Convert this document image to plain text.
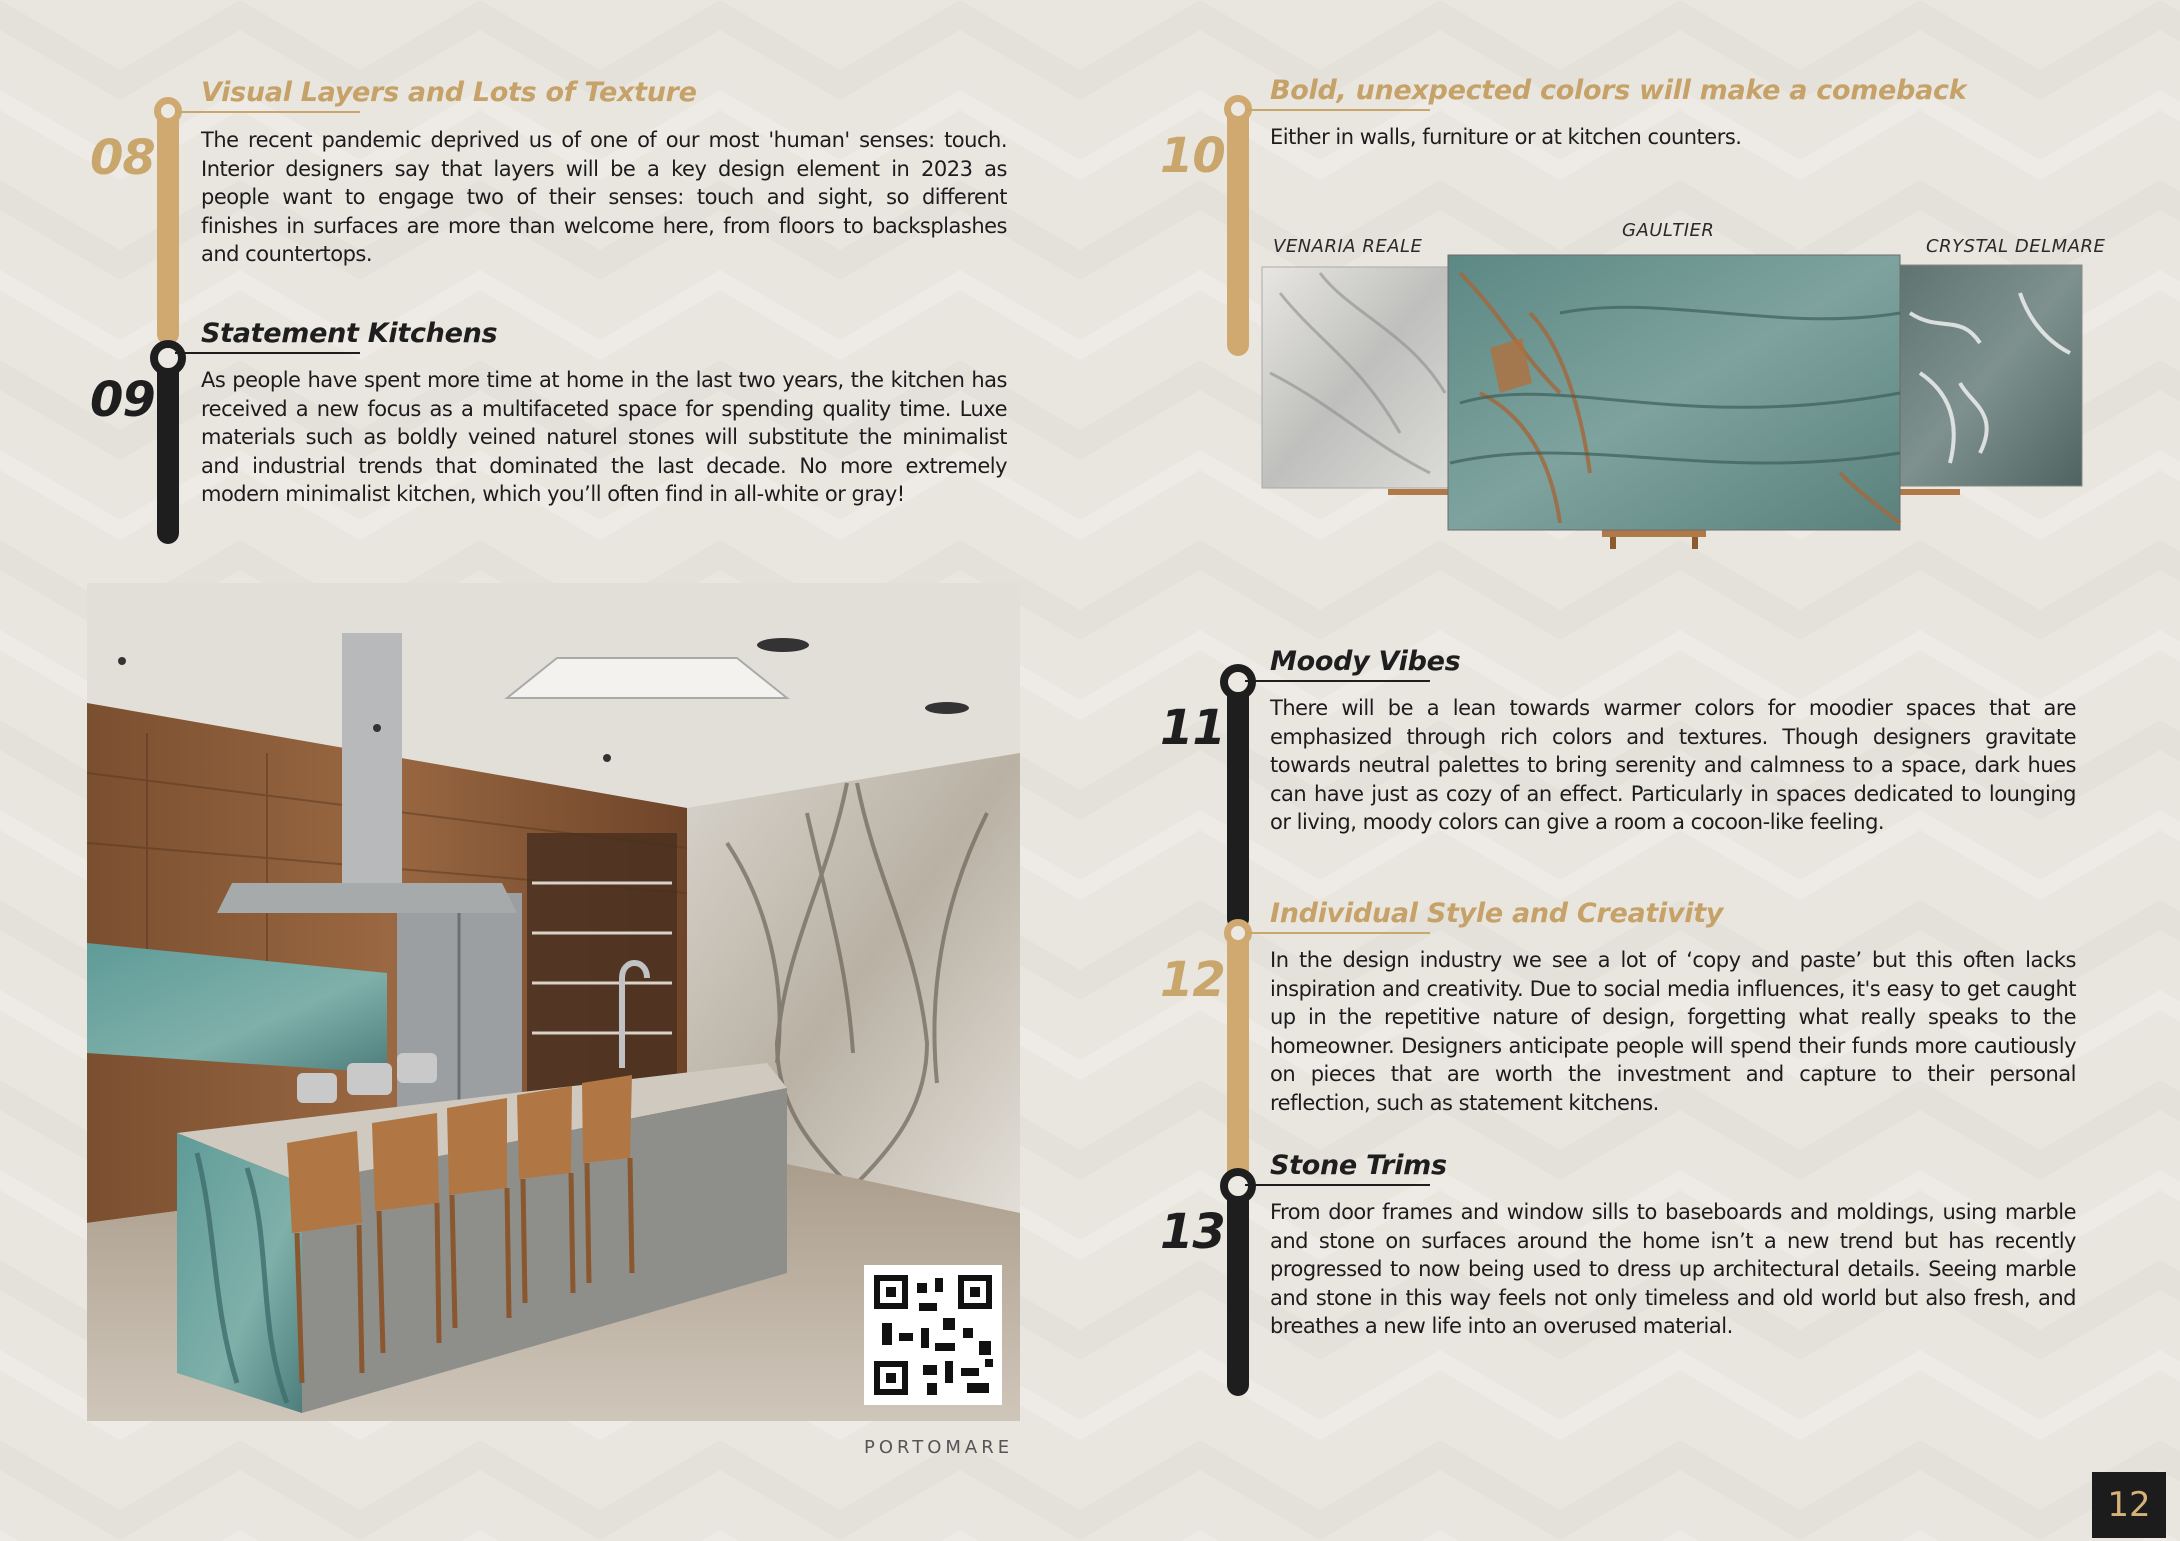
08
Visual Layers and Lots of Texture
The recent pandemic deprived us of one of our most 'human' senses: touch. Interior designers say that layers will be a key design element in 2023 as people want to engage two of their senses: touch and sight, so different finishes in surfaces are more than welcome here, from floors to backsplashes and countertops.
09
Statement Kitchens
As people have spent more time at home in the last two years, the kitchen has received a new focus as a multifaceted space for spending quality time. Luxe materials such as boldly veined naturel stones will substitute the minimalist and industrial trends that dominated the last decade. No more extremely modern minimalist kitchen, which you’ll often find in all-white or gray!
PORTOMARE
10
Bold, unexpected colors will make a comeback
Either in walls, furniture or at kitchen counters.
VENARIA REALE
GAULTIER
CRYSTAL DELMARE
11
Moody Vibes
There will be a lean towards warmer colors for moodier spaces that are emphasized through rich colors and textures. Though designers gravitate towards neutral palettes to bring serenity and calmness to a space, dark hues can have just as cozy of an effect. Particularly in spaces dedicated to lounging or living, moody colors can give a room a cocoon-like feeling.
12
Individual Style and Creativity
In the design industry we see a lot of ‘copy and paste’ but this often lacks inspiration and creativity. Due to social media influences, it's easy to get caught up in the repetitive nature of design, forgetting what really speaks to the homeowner. Designers anticipate people will spend their funds more cautiously on pieces that are worth the investment and capture to their personal reflection, such as statement kitchens.
13
Stone Trims
From door frames and window sills to baseboards and moldings, using marble and stone on surfaces around the home isn’t a new trend but has recently progressed to now being used to dress up architectural details. Seeing marble and stone in this way feels not only timeless and old world but also fresh, and breathes a new life into an overused material.
12
